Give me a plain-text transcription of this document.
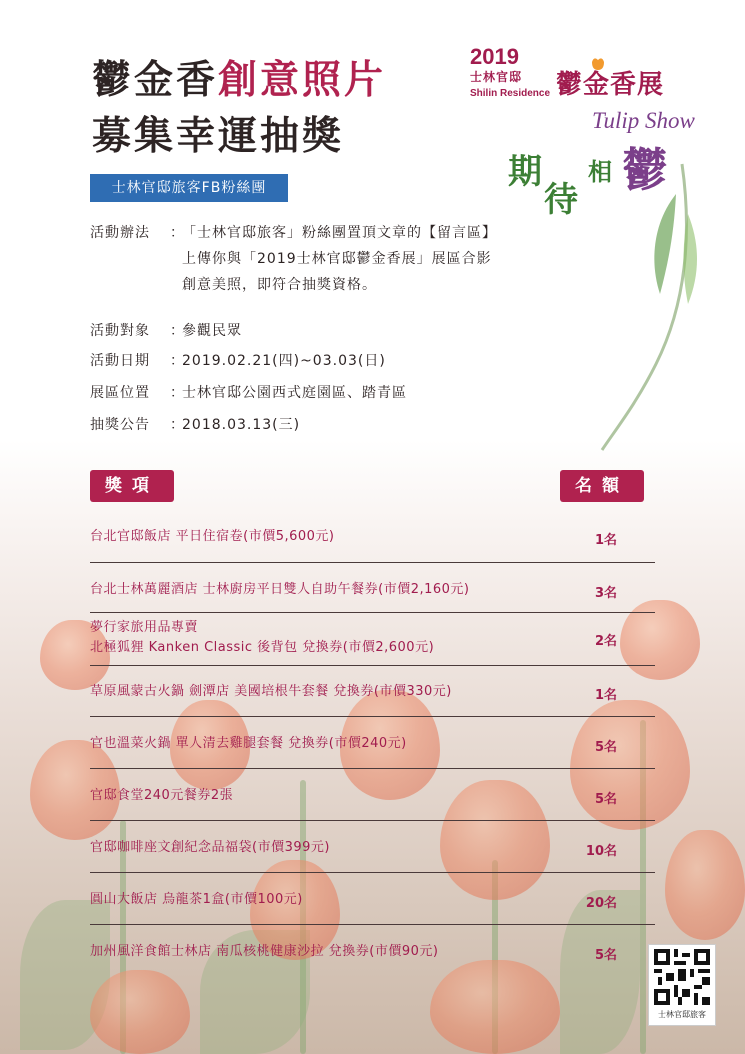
鬱金香創意照片
募集幸運抽獎
2019
士林官邸
Shilin Residence 鬱金香展
Tulip Show
期
待
相 鬱
士林官邸旅客FB粉絲團
活動辦法 ：
「士林官邸旅客」粉絲團置頂文章的【留言區】
上傳你與「2019士林官邸鬱金香展」展區合影
創意美照，即符合抽獎資格。
活動對象 ：參觀民眾
活動日期 ：2019.02.21(四)~03.03(日)
展區位置 ：士林官邸公園西式庭園區、踏青區
抽獎公告 ：2018.03.13(三)
獎項	名額
台北官邸飯店 平日住宿卷(市價5,600元)	1名
台北士林萬麗酒店 士林廚房平日雙人自助午餐券(市價2,160元)	3名
夢行家旅用品專賣
北極狐狸 Kanken Classic 後背包 兌換券(市價2,600元)	2名
草原風蒙古火鍋 劍潭店 美國培根牛套餐 兌換券(市價330元)	1名
官也溫菜火鍋 單人清去雞腿套餐 兌換券(市價240元)	5名
官邸食堂240元餐券2張	5名
官邸咖啡座文創紀念品福袋(市價399元)	10名
圓山大飯店 烏龍茶1盒(市價100元)	20名
加州風洋食館士林店 南瓜核桃健康沙拉 兌換券(市價90元)	5名
士林官邸旅客
